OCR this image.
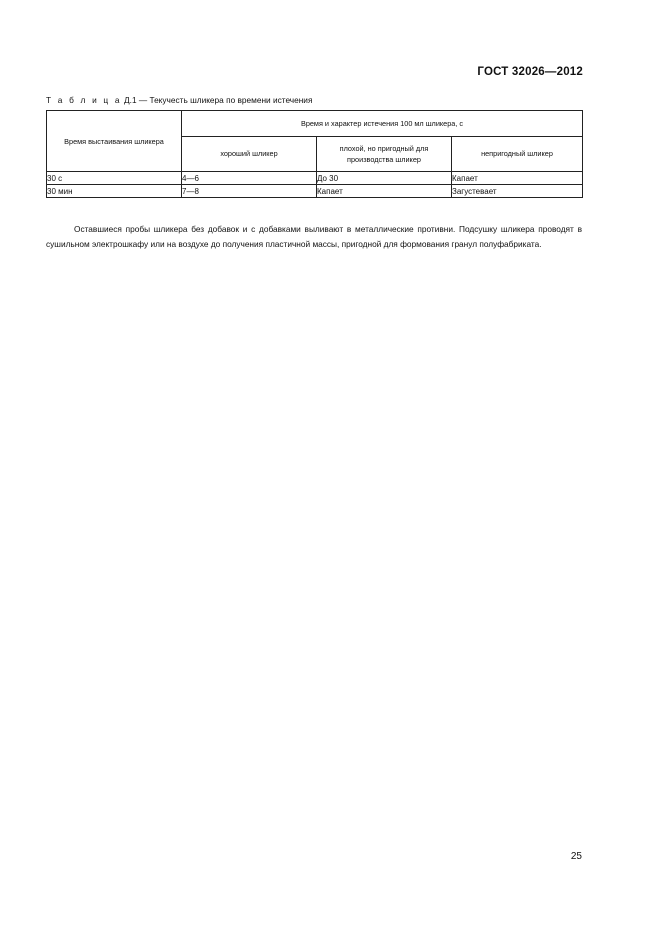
ГОСТ 32026—2012
Т а б л и ц а Д.1 — Текучесть шликера по времени истечения
Время выстаивания шликера	Время и характер истечения 100 мл шликера, с		
	хороший шликер	плохой, но пригодный для производства шликер	непригодный шликер
30 с	4—6	До 30	Капает
30 мин	7—8	Капает	Загустевает

Оставшиеся пробы шликера без добавок и с добавками выливают в металлические противни. Подсушку шликера проводят в сушильном электрошкафу или на воздухе до получения пластичной массы, пригодной для формования гранул полуфабриката.

25
